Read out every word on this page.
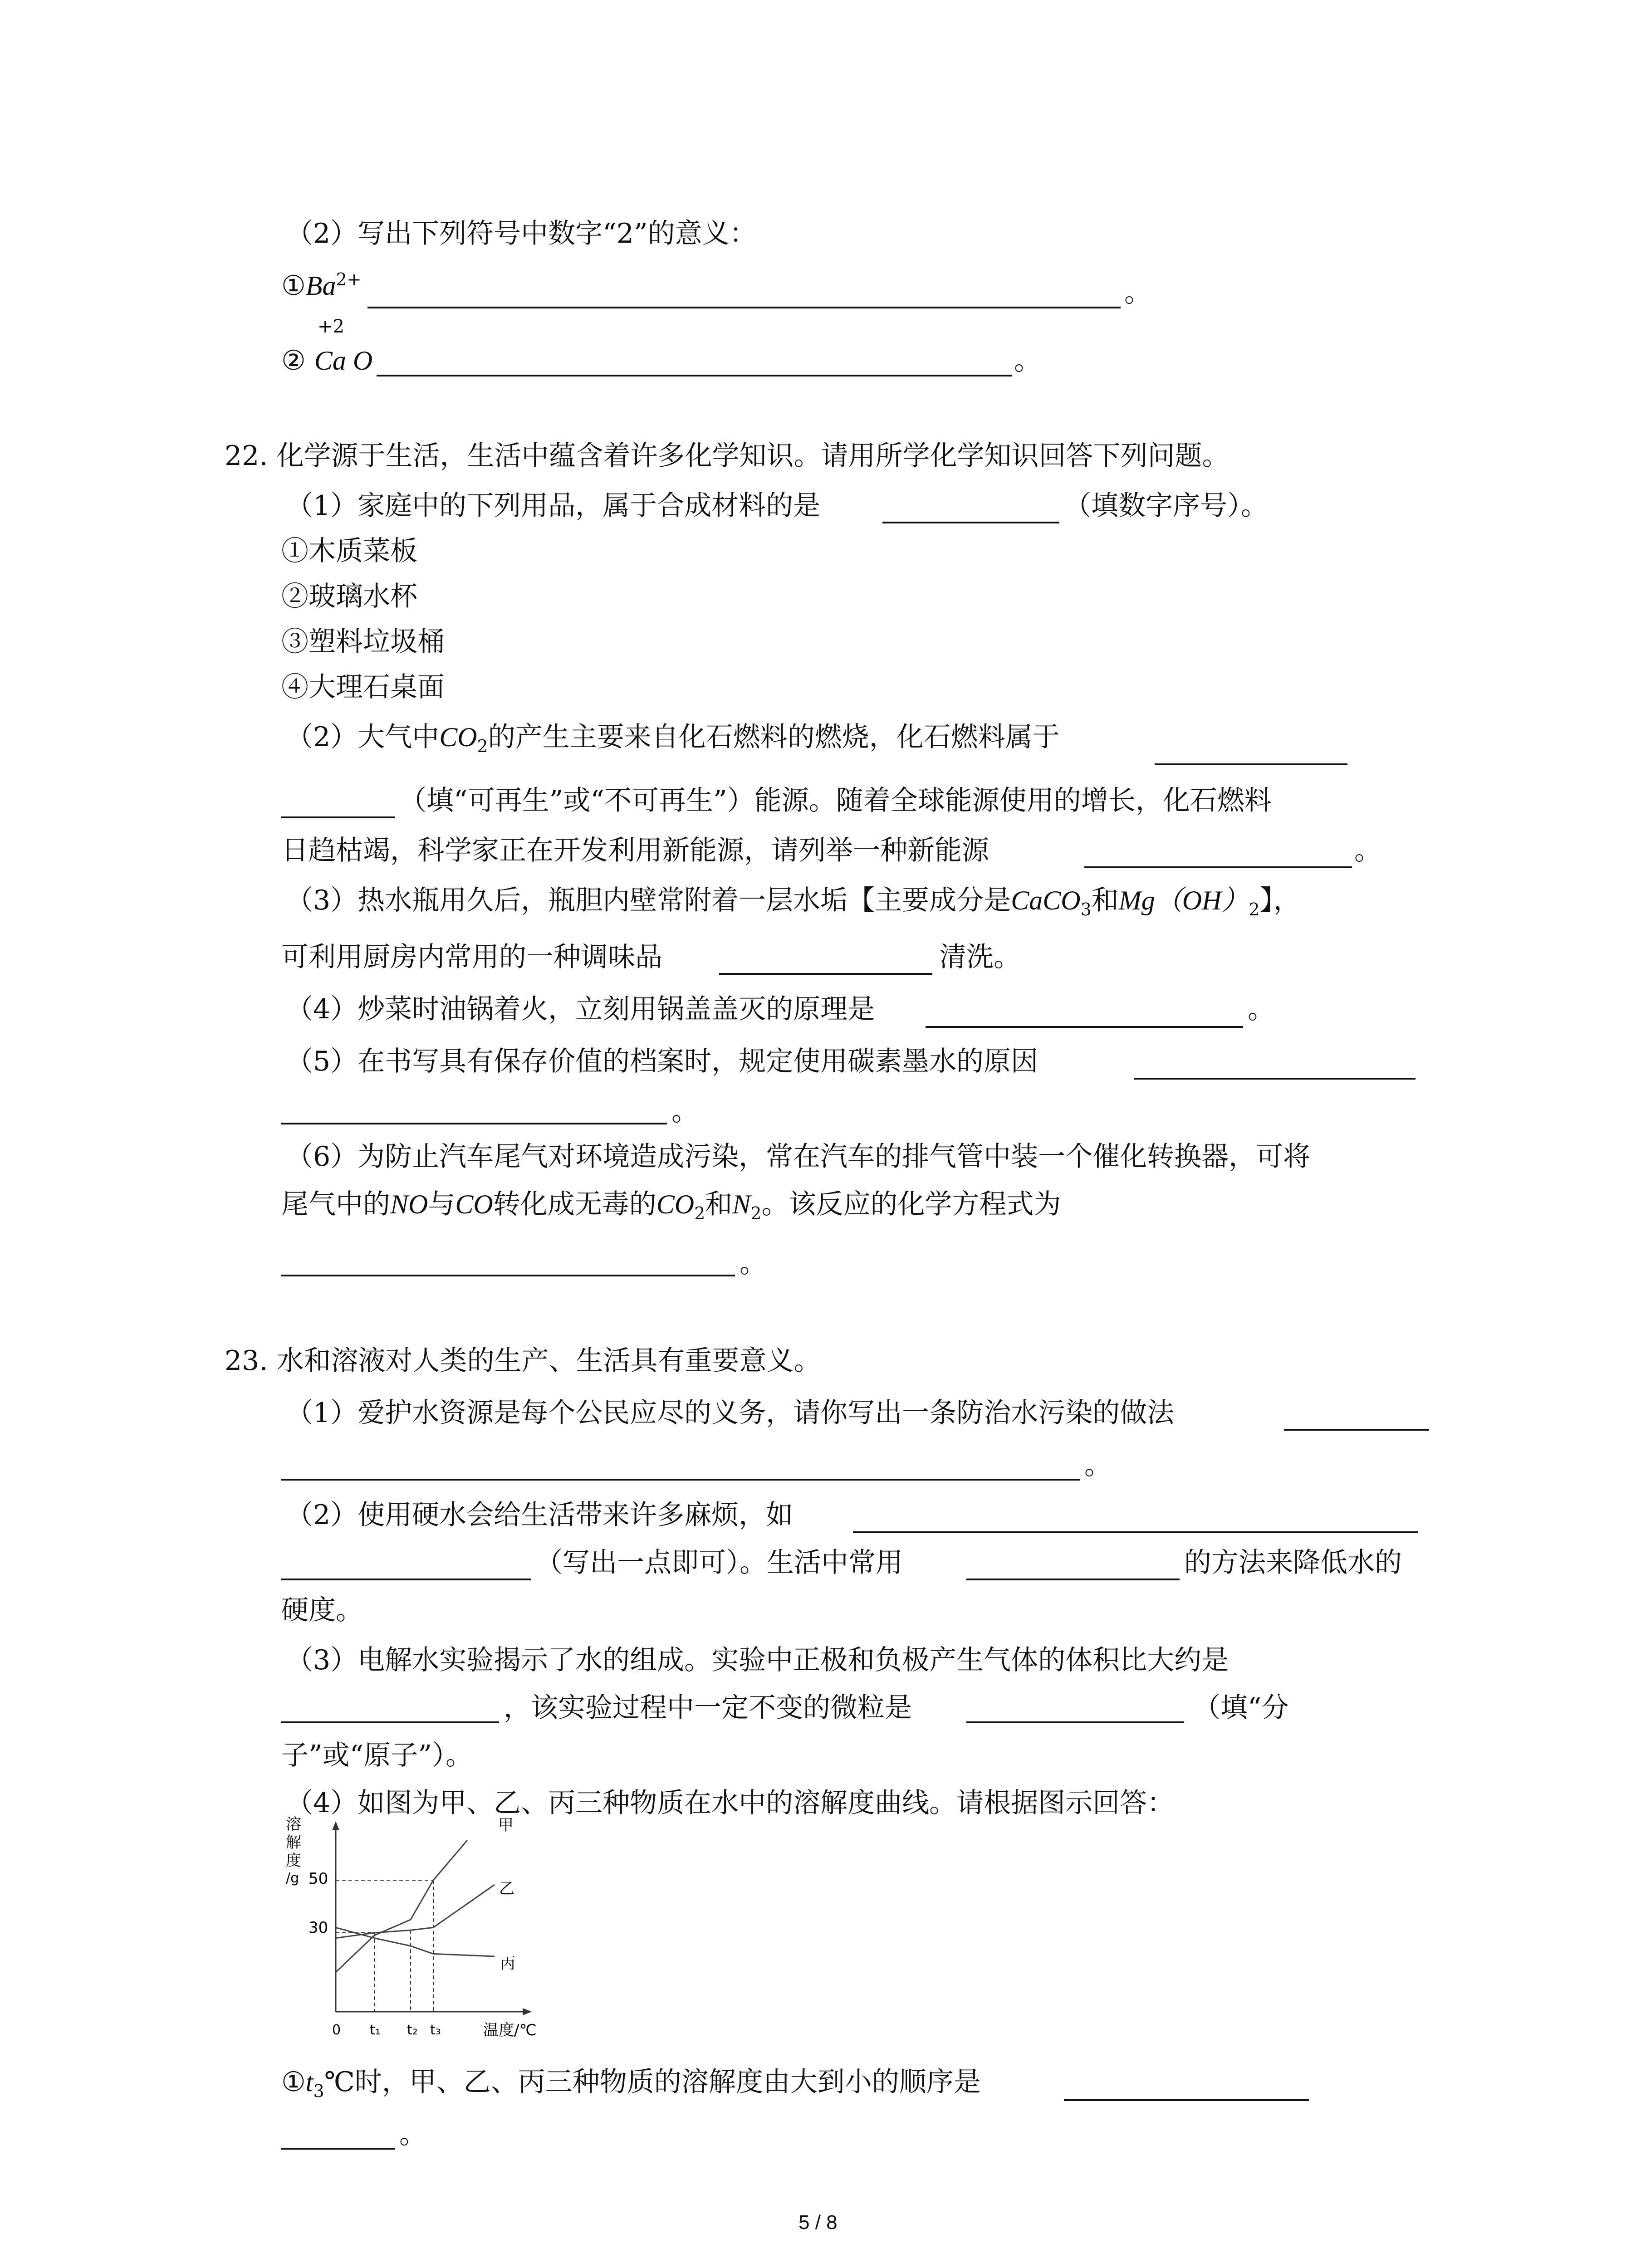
（2）写出下列符号中数字“2”的意义：
$①Ba^{2+}$	。
+2
② Ca O	。
22. 化学源于生活，生活中蕴含着许多化学知识。请用所学化学知识回答下列问题。
（1）家庭中的下列用品，属于合成材料的是	（填数字序号）。
①木质菜板
②玻璃水杯
③塑料垃圾桶
④大理石桌面
（2）大气中$CO_2$的产生主要来自化石燃料的燃烧，化石燃料属于
（填“可再生”或“不可再生”）能源。随着全球能源使用的增长，化石燃料
日趋枯竭，科学家正在开发利用新能源，请列举一种新能源	。
（3）热水瓶用久后，瓶胆内壁常附着一层水垢【主要成分是CaCO$_3$和$Mg(OH)_2$】，
可利用厨房内常用的一种调味品	清洗。
（4）炒菜时油锅着火，立刻用锅盖盖灭的原理是	。
（5）在书写具有保存价值的档案时，规定使用碳素墨水的原因
。
（6）为防止汽车尾气对环境造成污染，常在汽车的排气管中装一个催化转换器，可将
尾气中的NO与CO转化成无毒的$CO_2$和$N_2$。该反应的化学方程式为
。
23. 水和溶液对人类的生产、生活具有重要意义。
（1）爱护水资源是每个公民应尽的义务，请你写出一条防治水污染的做法
。
（2）使用硬水会给生活带来许多麻烦，如
（写出一点即可）。生活中常用	的方法来降低水的
硬度。
（3）电解水实验揭示了水的组成。实验中正极和负极产生气体的体积比大约是
，该实验过程中一定不变的微粒是	（填“分
子”或“原子”）。
（4）如图为甲、乙、丙三种物质在水中的溶解度曲线。请根据图示回答：
溶
解
度
/g 50
30
0 t₁ t₂ t₃	温度/℃
甲
乙
丙
$①t_3℃$时，甲、乙、丙三种物质的溶解度由大到小的顺序是
。
5 / 8
